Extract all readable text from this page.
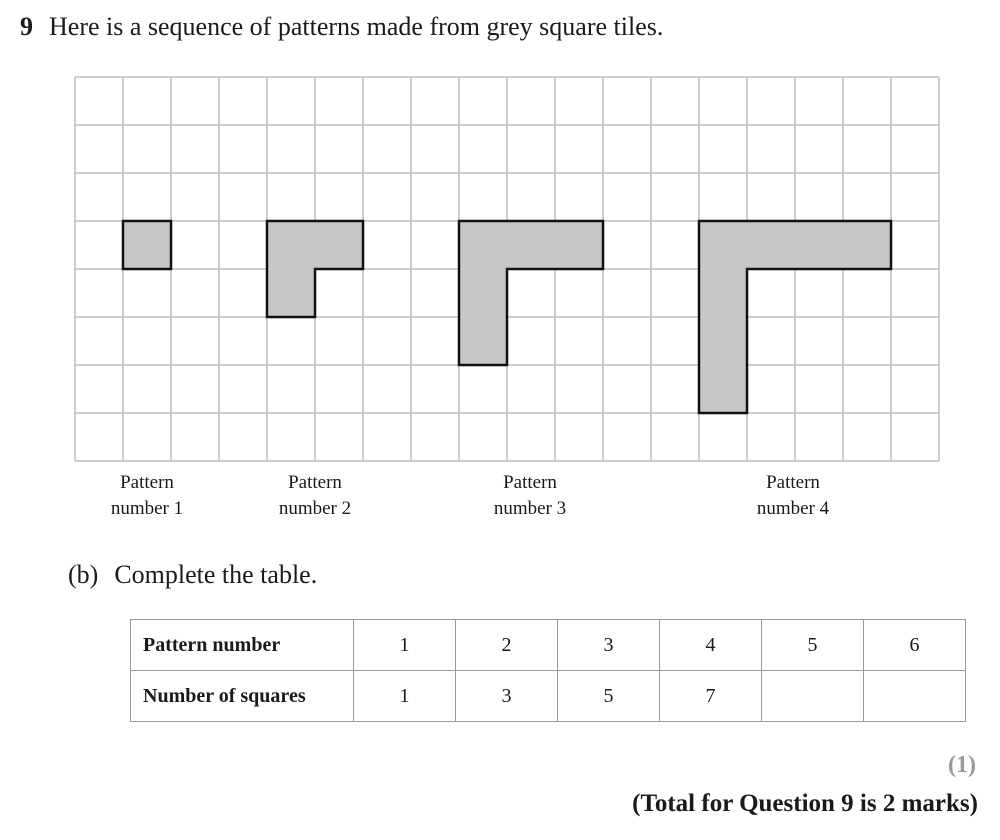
9 Here is a sequence of patterns made from grey square tiles.
Pattern
number 1
Pattern
number 2
Pattern
number 3
Pattern
number 4
(b) Complete the table.
Pattern number	1	2	3	4	5	6
Number of squares	1	3	5	7		
(1)
(Total for Question 9 is 2 marks)
